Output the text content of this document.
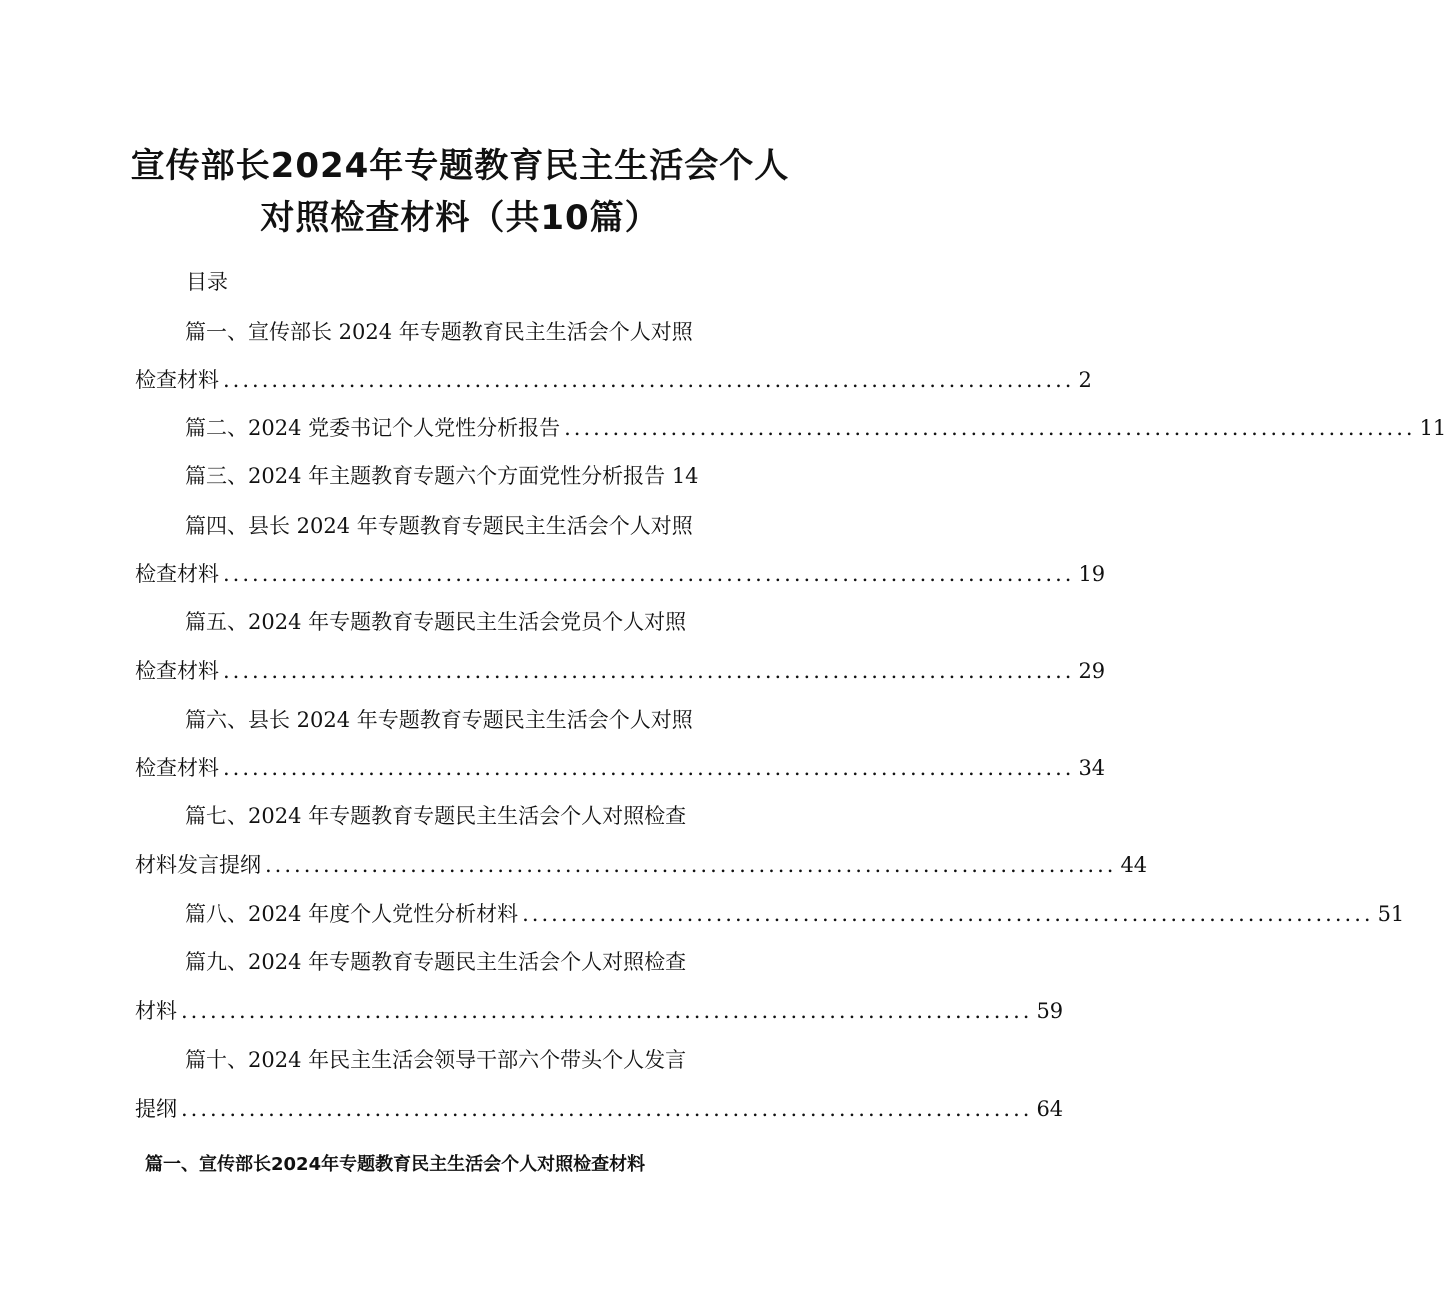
宣传部长2024年专题教育民主生活会个人
对照检查材料（共10篇）
目录
篇一、宣传部长 2024 年专题教育民主生活会个人对照
检查材料 ........................................................................................ 2
篇二、2024 党委书记个人党性分析报告 ........................................................................................ 11
篇三、2024 年主题教育专题六个方面党性分析报告 14
篇四、县长 2024 年专题教育专题民主生活会个人对照
检查材料 ........................................................................................ 19
篇五、2024 年专题教育专题民主生活会党员个人对照
检查材料 ........................................................................................ 29
篇六、县长 2024 年专题教育专题民主生活会个人对照
检查材料 ........................................................................................ 34
篇七、2024 年专题教育专题民主生活会个人对照检查
材料发言提纲 ........................................................................................ 44
篇八、2024 年度个人党性分析材料 ........................................................................................ 51
篇九、2024 年专题教育专题民主生活会个人对照检查
材料 ........................................................................................ 59
篇十、2024 年民主生活会领导干部六个带头个人发言
提纲 ........................................................................................ 64
篇一、宣传部长2024年专题教育民主生活会个人对照检查材料
